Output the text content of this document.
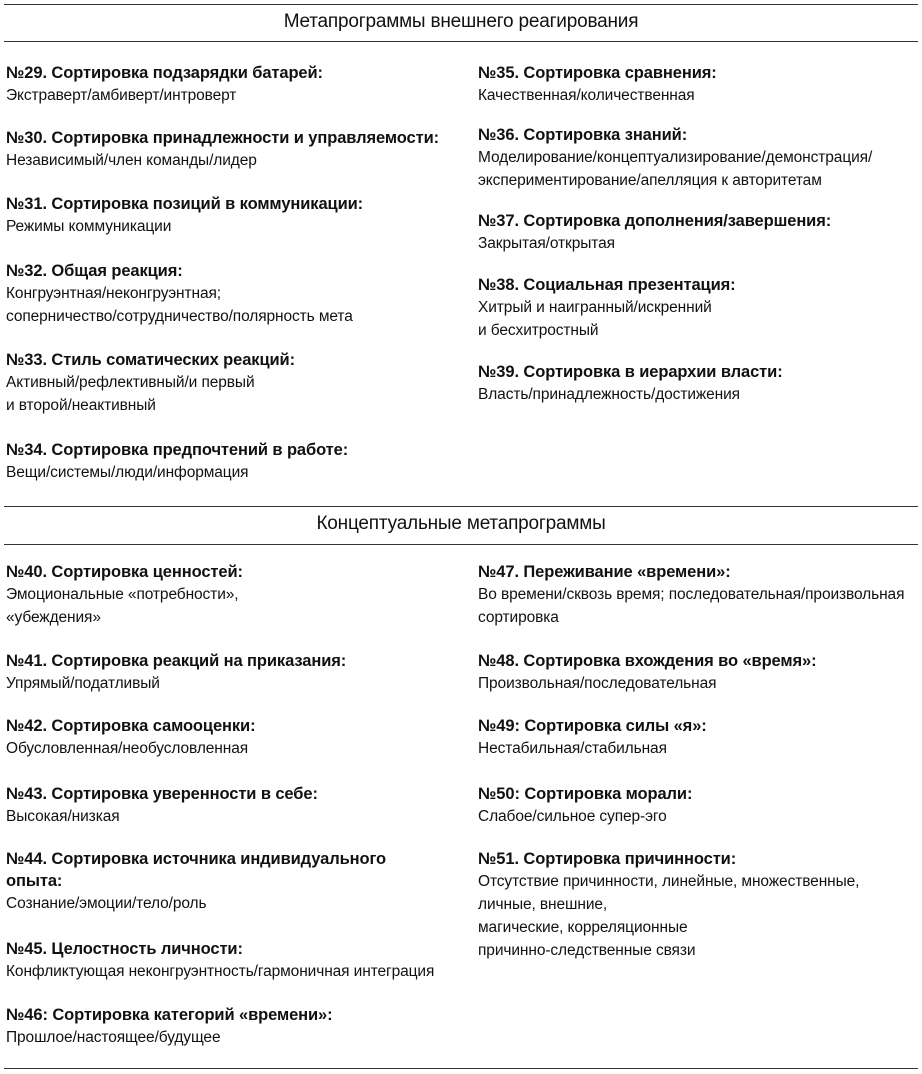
Метапрограммы внешнего реагирования
№29. Сортировка подзарядки батарей:
Экстраверт/амбиверт/интроверт
№30. Сортировка принадлежности и управляемости:
Независимый/член команды/лидер
№31. Сортировка позиций в коммуникации:
Режимы коммуникации
№32. Общая реакция:
Конгруэнтная/неконгруэнтная;
соперничество/сотрудничество/полярность мета
№33. Стиль соматических реакций:
Активный/рефлективный/и первый
и второй/неактивный
№34. Сортировка предпочтений в работе:
Вещи/системы/люди/информация
№35. Сортировка сравнения:
Качественная/количественная
№36. Сортировка знаний:
Моделирование/концептуализирование/демонстрация/
экспериментирование/апелляция к авторитетам
№37. Сортировка дополнения/завершения:
Закрытая/открытая
№38. Социальная презентация:
Хитрый и наигранный/искренний
и бесхитростный
№39. Сортировка в иерархии власти:
Власть/принадлежность/достижения
Концептуальные метапрограммы
№40. Сортировка ценностей:
Эмоциональные «потребности»,
«убеждения»
№41. Сортировка реакций на приказания:
Упрямый/податливый
№42. Сортировка самооценки:
Обусловленная/необусловленная
№43. Сортировка уверенности в себе:
Высокая/низкая
№44. Сортировка источника индивидуального опыта:
Сознание/эмоции/тело/роль
№45. Целостность личности:
Конфликтующая неконгруэнтность/гармоничная интеграция
№46: Сортировка категорий «времени»:
Прошлое/настоящее/будущее
№47. Переживание «времени»:
Во времени/сквозь время; последовательная/произвольная
сортировка
№48. Сортировка вхождения во «время»:
Произвольная/последовательная
№49: Сортировка силы «я»:
Нестабильная/стабильная
№50: Сортировка морали:
Слабое/сильное супер-эго
№51. Сортировка причинности:
Отсутствие причинности, линейные, множественные,
личные, внешние,
магические, корреляционные
причинно-следственные связи
